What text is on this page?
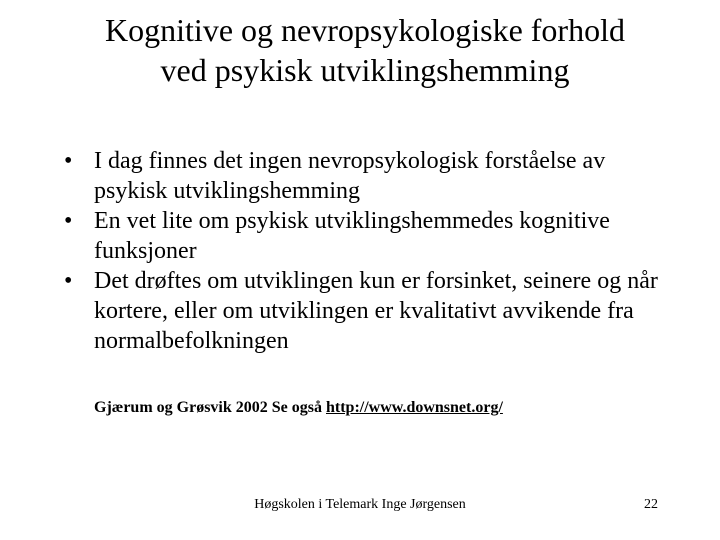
Kognitive og nevropsykologiske forhold
ved psykisk utviklingshemming
• I dag finnes det ingen nevropsykologisk forståelse av psykisk utviklingshemming
• En vet lite om psykisk utviklingshemmedes kognitive funksjoner
• Det drøftes om utviklingen kun er forsinket, seinere og når kortere, eller om utviklingen er kvalitativt avvikende fra normalbefolkningen
Gjærum og Grøsvik 2002 Se også http://www.downsnet.org/
Høgskolen i Telemark Inge Jørgensen	22
